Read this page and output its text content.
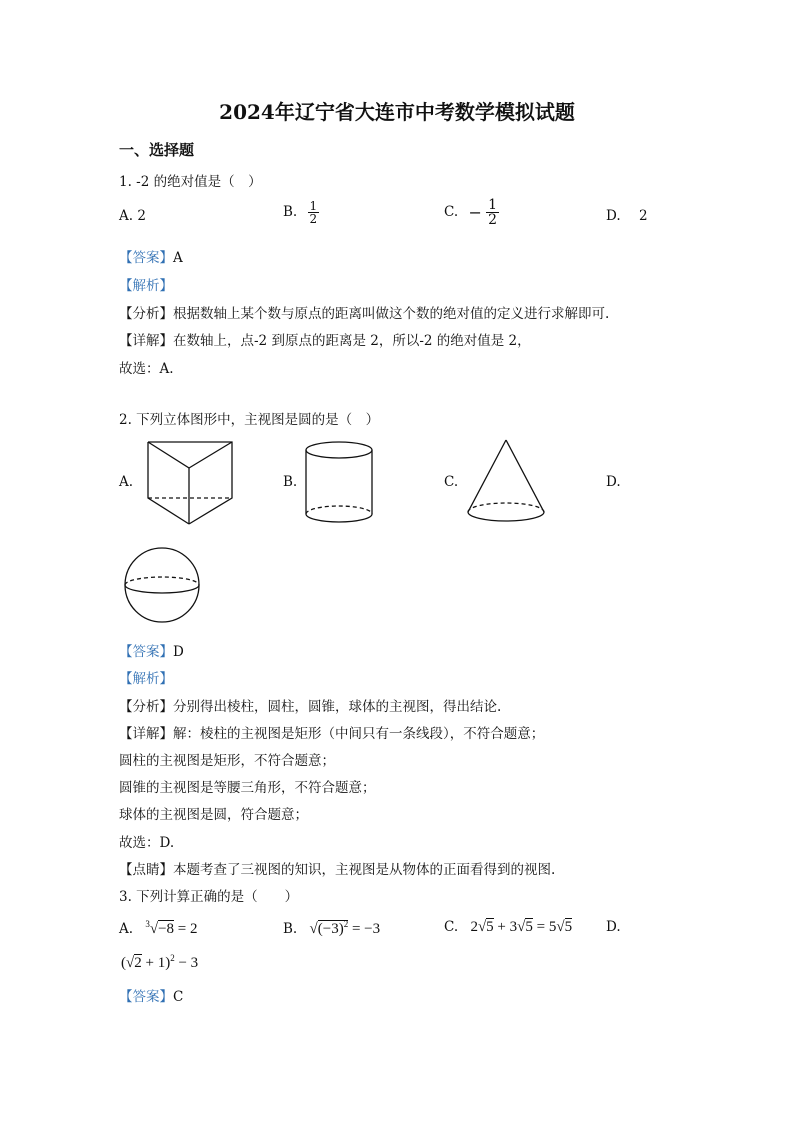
2024年辽宁省大连市中考数学模拟试题
一、选择题
1. -2 的绝对值是（　）
A. 2	B. $\frac{1}{2}$	C. − $\frac{1}{2}$	D. 2
【答案】A
【解析】
【分析】根据数轴上某个数与原点的距离叫做这个数的绝对值的定义进行求解即可.
【详解】在数轴上，点-2 到原点的距离是 2，所以-2 的绝对值是 2，
故选：A.
2. 下列立体图形中，主视图是圆的是（　）
A.	B.	C.	D.
【答案】D
【解析】
【分析】分别得出棱柱，圆柱，圆锥，球体的主视图，得出结论.
【详解】解：棱柱的主视图是矩形（中间只有一条线段），不符合题意；
圆柱的主视图是矩形，不符合题意；
圆锥的主视图是等腰三角形，不符合题意；
球体的主视图是圆，符合题意；
故选：D.
【点睛】本题考查了三视图的知识，主视图是从物体的正面看得到的视图.
3. 下列计算正确的是（　　）
A. $^3$√−8 = 2	B. $√(-3)^2 = -3$	C. 2√5 + 3√5 = 5√5	D.
$(√2 + 1)^2 - 3$
【答案】C
